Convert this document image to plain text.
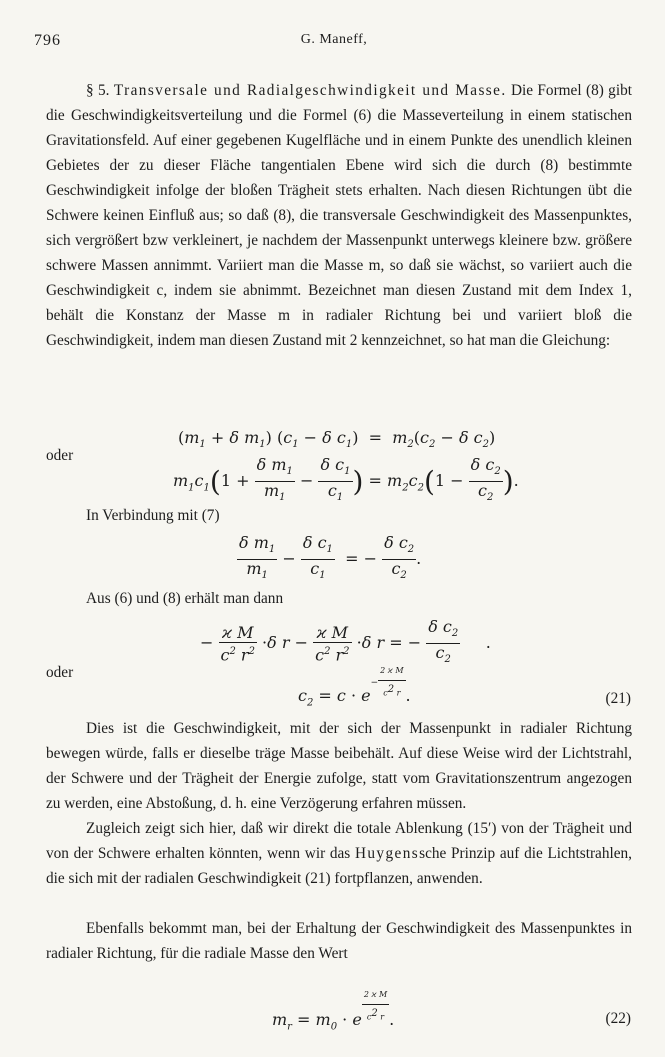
796	G. Maneff,

§ 5. Transversale und Radialgeschwindigkeit und Masse. Die Formel (8) gibt die Geschwindigkeitsverteilung und die Formel (6) die Masseverteilung in einem statischen Gravitationsfeld. Auf einer gegebenen Kugelfläche und in einem Punkte des unendlich kleinen Gebietes der zu dieser Fläche tangentialen Ebene wird sich die durch (8) bestimmte Geschwindigkeit infolge der bloßen Trägheit stets erhalten. Nach diesen Richtungen übt die Schwere keinen Einfluß aus; so daß (8), die transversale Geschwindigkeit des Massenpunktes, sich vergrößert bzw verkleinert, je nachdem der Massenpunkt unterwegs kleinere bzw. größere schwere Massen annimmt. Variiert man die Masse m, so daß sie wächst, so variiert auch die Geschwindigkeit c, indem sie abnimmt. Bezeichnet man diesen Zustand mit dem Index 1, behält die Konstanz der Masse m in radialer Richtung bei und variiert bloß die Geschwindigkeit, indem man diesen Zustand mit 2 kennzeichnet, so hat man die Gleichung:

($m_1 + \delta$ $m_1$) ($c_1 - \delta$ $c_1) = m_2(c_2 - \delta$ $c_2$)
oder
$m_1c_1(1 + \frac{\delta m_1}{m_1} - \frac{\delta c_1}{c_1}$ ) = $m_2c_2(1 - \frac{\delta c_2}{c_2}$ ).
In Verbindung mit (7)
$\frac{\delta m_1}{m_1} - \frac{\delta c_1}{c_1}$ = − $\frac{\delta c_2}{c_2}$ .
Aus (6) und (8) erhält man dann
− $\frac{\text{ϰ M}}{c^2 r^2} \cdot\delta$ $r - \frac{\text{ϰ M}}{c^2 r^2} \cdot\delta$ r = − $\frac{\delta c_2}{c_2}$ .
oder
$c_2 = c \cdot e^{- \frac{\text{2 ϰ M}}{c^2 r}}$ .	(21)

Dies ist die Geschwindigkeit, mit der sich der Massenpunkt in radialer Richtung bewegen würde, falls er dieselbe träge Masse beibehält. Auf diese Weise wird der Lichtstrahl, der Schwere und der Trägheit der Energie zufolge, statt vom Gravitationszentrum angezogen zu werden, eine Abstoßung, d. h. eine Verzögerung erfahren müssen.

Zugleich zeigt sich hier, daß wir direkt die totale Ablenkung (15′) von der Trägheit und von der Schwere erhalten könnten, wenn wir das Huygenssche Prinzip auf die Lichtstrahlen, die sich mit der radialen Geschwindigkeit (21) fortpflanzen, anwenden.

Ebenfalls bekommt man, bei der Erhaltung der Geschwindigkeit des Massenpunktes in radialer Richtung, für die radiale Masse den Wert

$m_r = m_0 \cdot e$ $^{\frac{\text{2 ϰ M}}{c^2 r}}$ .	(22)
